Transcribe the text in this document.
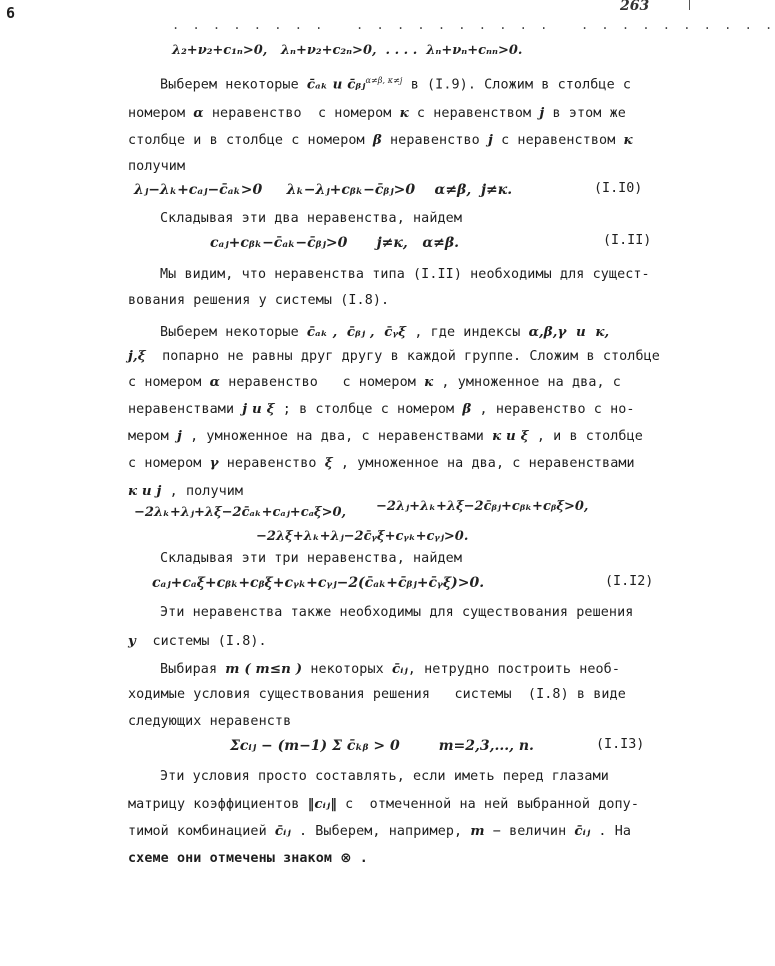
6	263
. . . . . . . .   . . . . . . . . . .   . . . . . . . . . .
λ₂+ν₂+c₁ₙ>0,   λₙ+ν₂+c₂ₙ>0,  . . . .  λₙ+νₙ+cₙₙ>0.
Выберем некоторые c̄ₐₖ и c̄ᵦⱼ$^{\alpha\ne\beta, \kappa\ne j}$ в (I.9). Сложим в столбце с
номером α неравенство  с номером к с неравенством j в этом же
столбце и в столбце с номером β неравенство j с неравенством к
получим
λⱼ−λₖ+cₐⱼ−c̄ₐₖ>0     λₖ−λⱼ+cᵦₖ−c̄ᵦⱼ>0    α≠β,  j≠к.	(I.I0)
Складывая эти два неравенства, найдем
cₐⱼ+cᵦₖ−c̄ₐₖ−c̄ᵦⱼ>0      j≠к,   α≠β.	(I.II)
Мы видим, что неравенства типа (I.II) необходимы для сущест-
вования решения у системы (I.8).
Выберем некоторые c̄ₐₖ ,  c̄ᵦⱼ ,  c̄ᵧξ , где индексы α,β,γ  и  к,
j,ξ  попарно не равны друг другу в каждой группе. Сложим в столбце
с номером α неравенство   с номером к , умноженное на два, с
неравенствами j и ξ ; в столбце с номером β , неравенство с но-
мером j , умноженное на два, с неравенствами к и ξ , и в столбце
с номером γ неравенство ξ , умноженное на два, с неравенствами
к и j , получим
−2λₖ+λⱼ+λξ−2c̄ₐₖ+cₐⱼ+cₐξ>0, −2λⱼ+λₖ+λξ−2c̄ᵦⱼ+cᵦₖ+cᵦξ>0,
−2λξ+λₖ+λⱼ−2c̄ᵧξ+cᵧₖ+cᵧⱼ>0.
Складывая эти три неравенства, найдем
cₐⱼ+cₐξ+cᵦₖ+cᵦξ+cᵧₖ+cᵧⱼ−2(c̄ₐₖ+c̄ᵦⱼ+c̄ᵧξ)>0.	(I.I2)
Эти неравенства также необходимы для существования решения
у  системы (I.8).
Выбирая m ( m≤n ) некоторых c̄ᵢⱼ, нетрудно построить необ-
ходимые условия существования решения   системы  (I.8) в виде
следующих неравенств
Σcᵢⱼ − (m−1) Σ c̄ₖᵦ > 0        m=2,3,..., n.	(I.I3)
Эти условия просто составлять, если иметь перед глазами
матрицу коэффициентов ‖cᵢⱼ‖ с  отмеченной на ней выбранной допу-
тимой комбинацией c̄ᵢⱼ . Выберем, например, m − величин c̄ᵢⱼ . На
схеме они отмечены знаком ⊗ .
